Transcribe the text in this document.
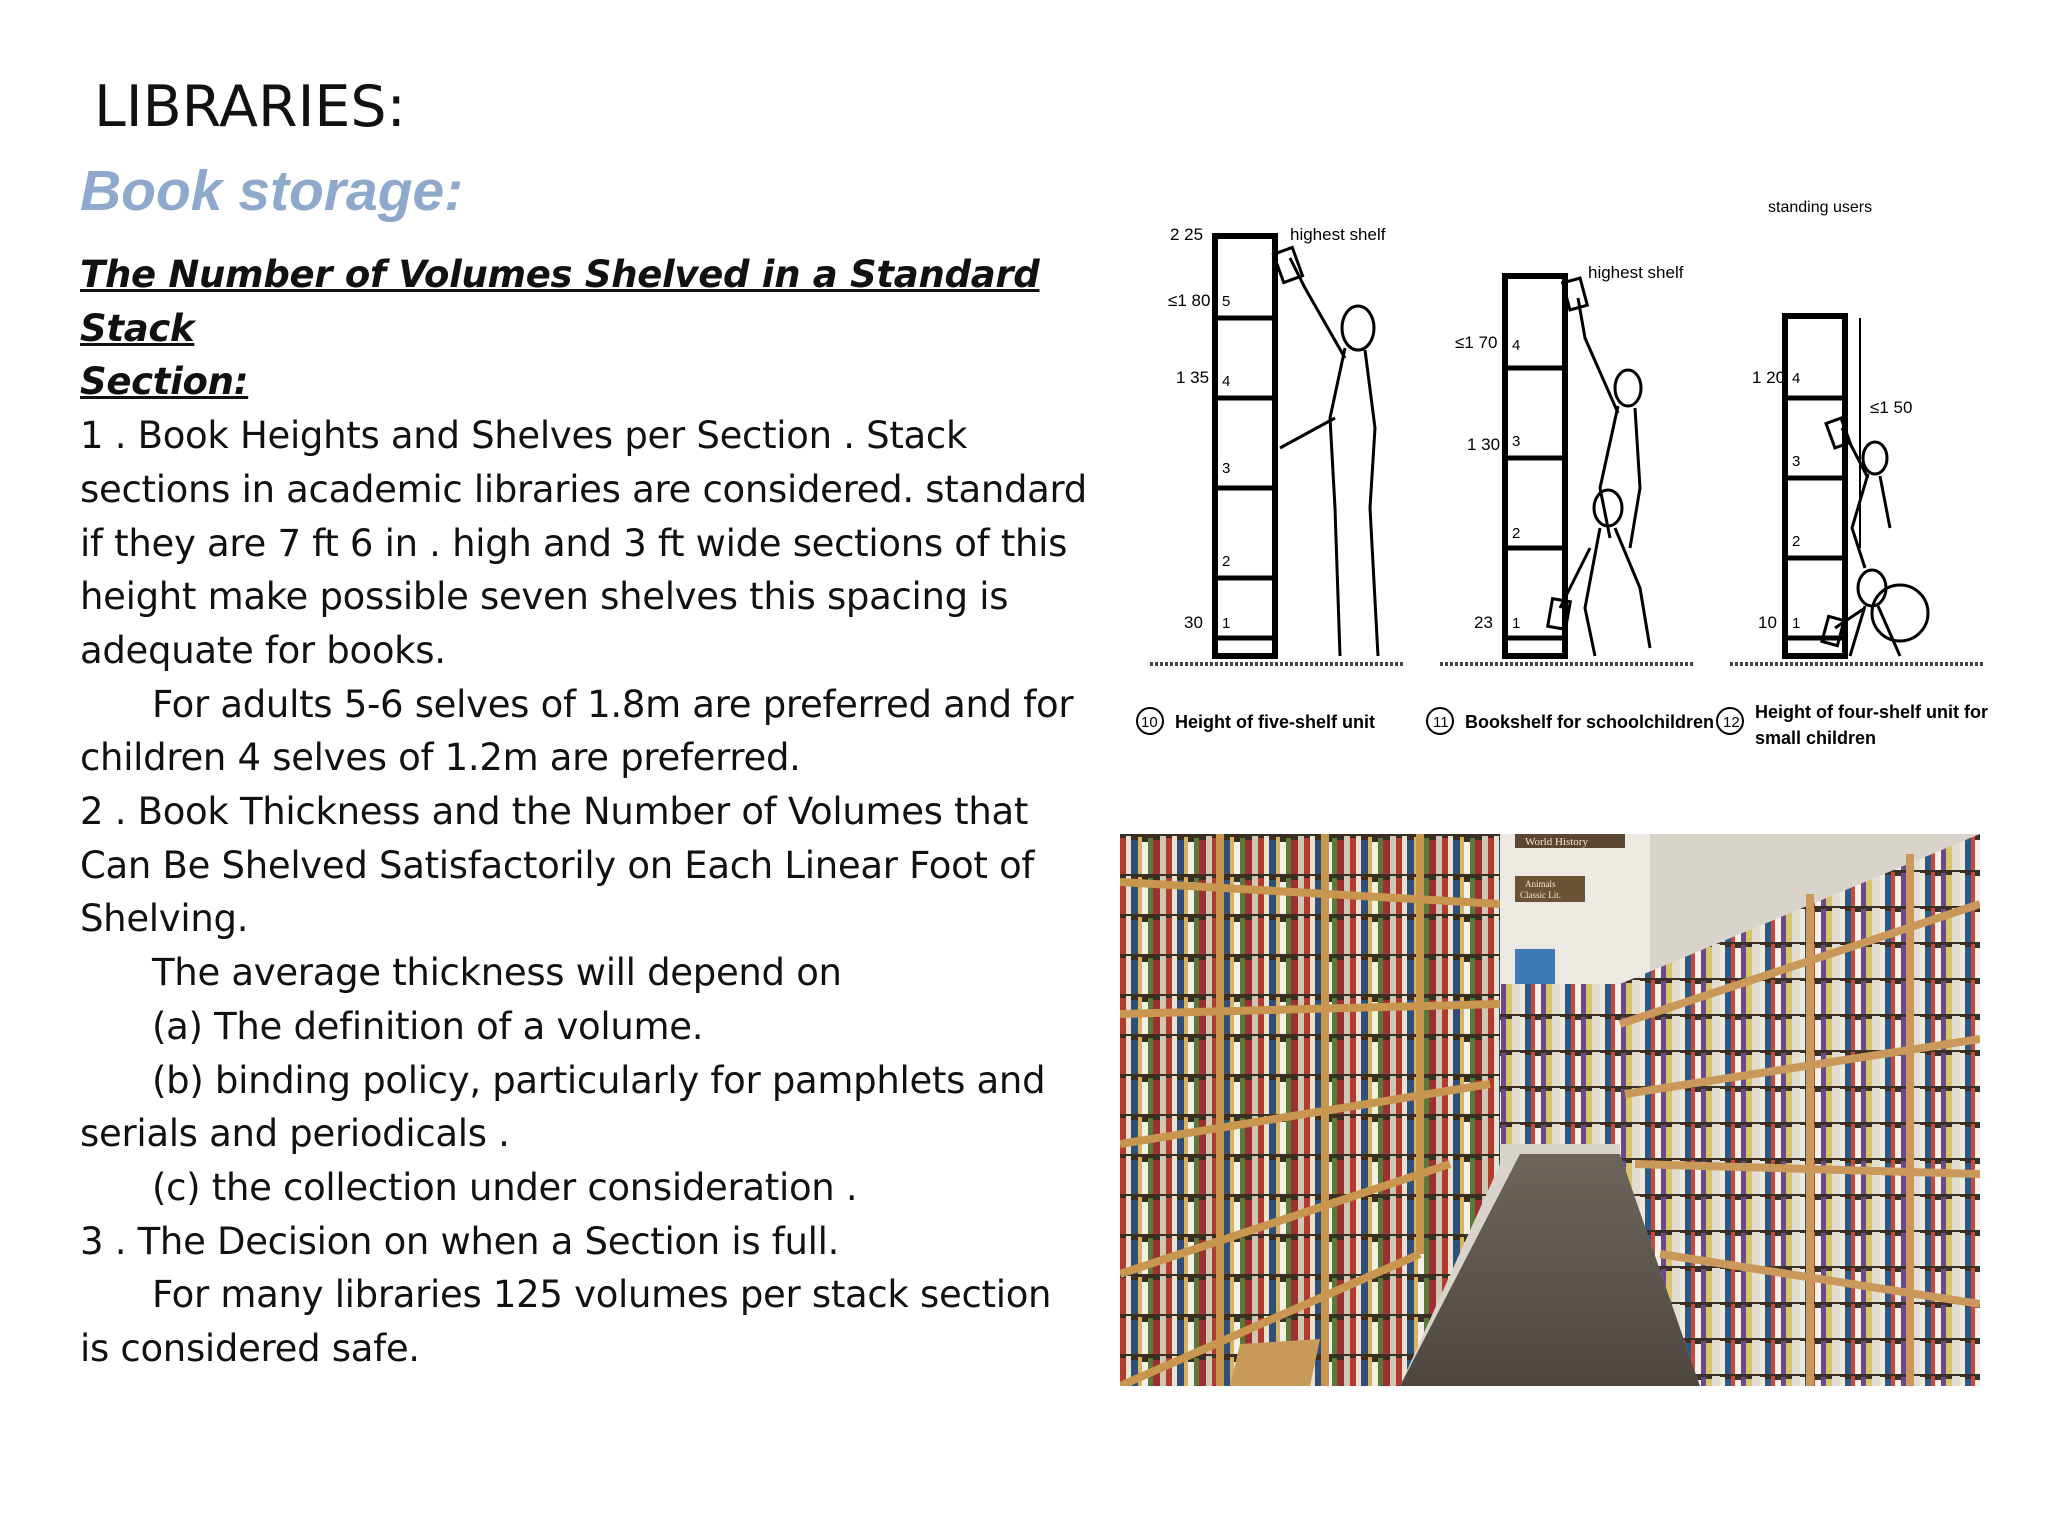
LIBRARIES:
Book storage:

The Number of Volumes Shelved in a Standard Stack
Section:

1 . Book Heights and Shelves per Section . Stack sections in academic libraries are considered. standard if they are 7 ft 6 in . high and 3 ft wide sections of this height make possible seven shelves this spacing is adequate for books.

For adults 5-6 selves of 1.8m are preferred and for children 4 selves of 1.2m are preferred.

2 . Book Thickness and the Number of Volumes that Can Be Shelved Satisfactorily on Each Linear Foot of Shelving.

The average thickness will depend on

(a) The definition of a volume.

(b) binding policy, particularly for pamphlets and serials and periodicals .

(c) the collection under consideration .

3 . The Decision on when a Section is full.

For many libraries 125 volumes per stack section is considered safe.

2 25
≤1 80
1 35
30
5
4
3
2
1
highest shelf
10 Height of five-shelf unit
≤1 70
1 30
23
4
3
2
1
highest shelf
11 Bookshelf for schoolchildren
1 20
≤1 50
10
4
3
2
1
standing users
12
Height of four-shelf unit for
small children
World History
Animals
Classic Lit.
